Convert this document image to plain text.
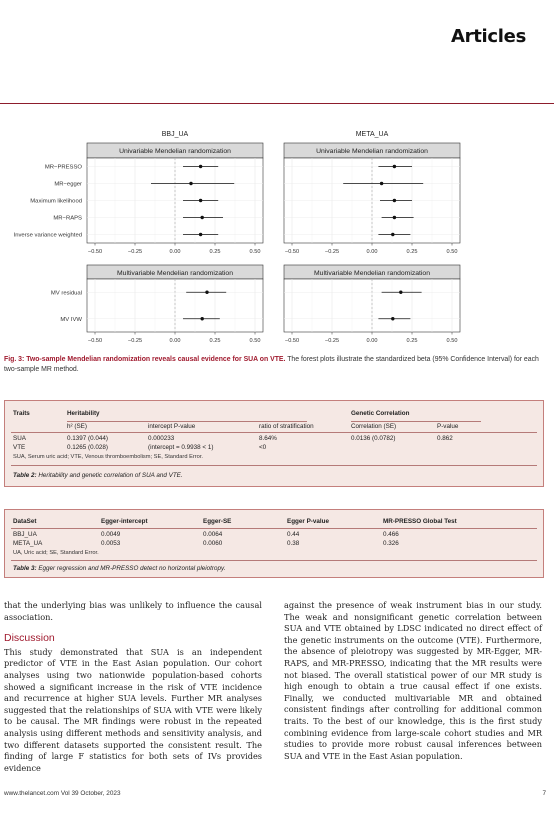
Articles
BBJ_UA	META_UA
Univariable Mendelian randomization
MR−PRESSO
MR−egger
Maximum likelihood
MR−RAPS
Inverse variance weighted
−0.50	−0.25	0.00	0.25	0.50
Univariable Mendelian randomization
−0.50	−0.25	0.00	0.25	0.50
Multivariable Mendelian randomization
MV residual
MV IVW
−0.50	−0.25	0.00	0.25	0.50
Multivariable Mendelian randomization
−0.50	−0.25	0.00	0.25	0.50
Fig. 3: Two-sample Mendelian randomization reveals causal evidence for SUA on VTE. The forest plots illustrate the standardized beta (95% Confidence Interval) for each two-sample MR method.
Traits	Heritability	Genetic Correlation
h² (SE)	intercept P-value	ratio of stratification	Correlation (SE)	P-value
SUA	0.1397 (0.044)	0.000233	8.64%	0.0136 (0.0782)	0.862
VTE	0.1265 (0.028)	(intercept = 0.9938 < 1)	<0
SUA, Serum uric acid; VTE, Venous thromboembolism; SE, Standard Error.
Table 2: Heritability and genetic correlation of SUA and VTE.
DataSet	Egger-intercept	Egger-SE	Egger P-value	MR-PRESSO Global Test
BBJ_UA	0.0049	0.0064	0.44	0.466
META_UA	0.0053	0.0060	0.38	0.326
UA, Uric acid; SE, Standard Error.
Table 3: Egger regression and MR-PRESSO detect no horizontal pleiotropy.

that the underlying bias was unlikely to influence the causal association.

Discussion

This study demonstrated that SUA is an independent predictor of VTE in the East Asian population. Our cohort analyses using two nationwide population-based cohorts showed a significant increase in the risk of VTE incidence and recurrence at higher SUA levels. Further MR analyses suggested that the relationships of SUA with VTE were likely to be causal. The MR findings were robust in the repeated analysis using different methods and sensitivity analysis, and two different datasets supported the consistent result. The finding of large F statistics for both sets of IVs provides evidence

against the presence of weak instrument bias in our study. The weak and nonsignificant genetic correlation between SUA and VTE obtained by LDSC indicated no direct effect of the genetic instruments on the outcome (VTE). Furthermore, the absence of pleiotropy was suggested by MR-Egger, MR-RAPS, and MR-PRESSO, indicating that the MR results were not biased. The overall statistical power of our MR study is high enough to obtain a true causal effect if one exists. Finally, we conducted multivariable MR and obtained consistent findings after controlling for additional common traits. To the best of our knowledge, this is the first study combining evidence from large-scale cohort studies and MR studies to provide more robust causal inferences between SUA and VTE in the East Asian population.

www.thelancet.com Vol 39 October, 2023	7
